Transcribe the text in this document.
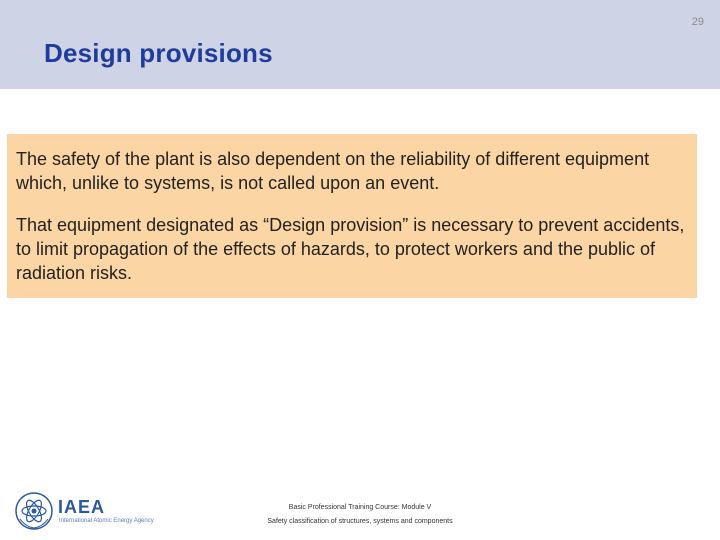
29
Design provisions

The safety of the plant is also dependent on the reliability of different equipment which, unlike to systems, is not called upon an event.

That equipment designated as “Design provision” is necessary to prevent accidents, to limit propagation of the effects of hazards, to protect workers and the public of radiation risks.

IAEA
International Atomic Energy Agency
Basic Professional Training Course: Module V
Safety classification of structures, systems and components
